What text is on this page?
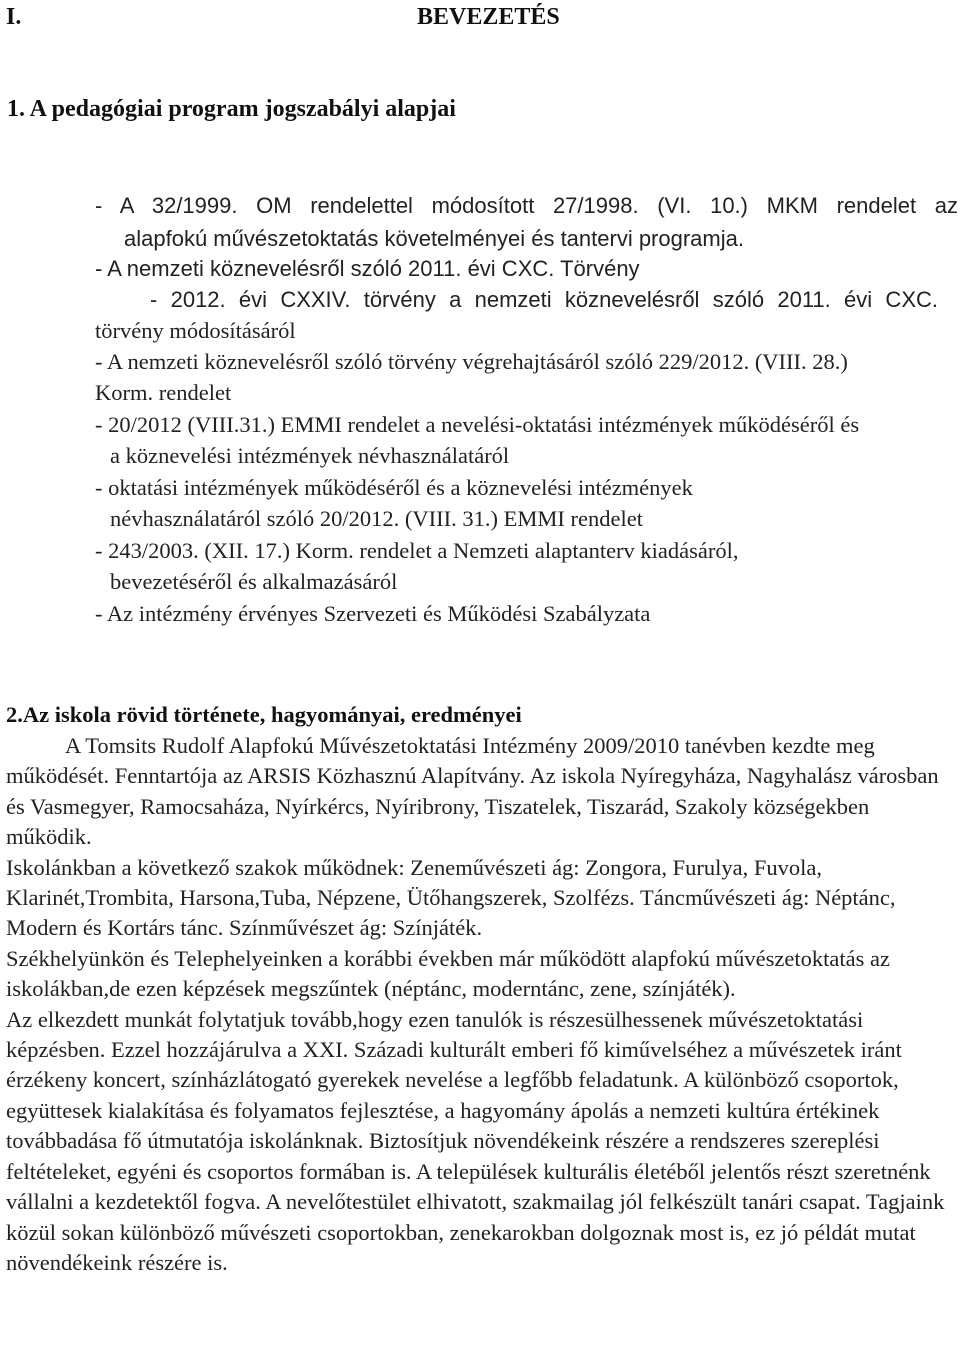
I.	BEVEZETÉS
1. A pedagógiai program jogszabályi alapjai
- A 32/1999. OM rendelettel módosított 27/1998. (VI. 10.) MKM rendelet az
alapfokú művészetoktatás követelményei és tantervi programja.
- A nemzeti köznevelésről szóló 2011. évi CXC. Törvény
- 2012. évi CXXIV. törvény a nemzeti köznevelésről szóló 2011. évi CXC.
törvény módosításáról
- A nemzeti köznevelésről szóló törvény végrehajtásáról szóló 229/2012. (VIII. 28.)
Korm. rendelet
- 20/2012 (VIII.31.) EMMI rendelet a nevelési-oktatási intézmények működéséről és
a köznevelési intézmények névhasználatáról
- oktatási intézmények működéséről és a köznevelési intézmények
névhasználatáról szóló 20/2012. (VIII. 31.) EMMI rendelet
- 243/2003. (XII. 17.) Korm. rendelet a Nemzeti alaptanterv kiadásáról,
bevezetéséről és alkalmazásáról
- Az intézmény érvényes Szervezeti és Működési Szabályzata
2.Az iskola rövid története, hagyományai, eredményei

A Tomsits Rudolf Alapfokú Művészetoktatási Intézmény 2009/2010 tanévben kezdte meg működését. Fenntartója az ARSIS Közhasznú Alapítvány. Az iskola Nyíregyháza, Nagyhalász városban és Vasmegyer, Ramocsaháza, Nyírkércs, Nyíribrony, Tiszatelek, Tiszarád, Szakoly községekben működik.

Iskolánkban a következő szakok működnek: Zeneművészeti ág: Zongora, Furulya, Fuvola, Klarinét,Trombita, Harsona,Tuba, Népzene, Ütőhangszerek, Szolfézs. Táncművészeti ág: Néptánc, Modern és Kortárs tánc. Színművészet ág: Színjáték.

Székhelyünkön és Telephelyeinken a korábbi években már működött alapfokú művészetoktatás az iskolákban,de ezen képzések megszűntek (néptánc, moderntánc, zene, színjáték).

Az elkezdett munkát folytatjuk tovább,hogy ezen tanulók is részesülhessenek művészetoktatási képzésben. Ezzel hozzájárulva a XXI. Századi kulturált emberi fő kiművelséhez a művészetek iránt érzékeny koncert, színházlátogató gyerekek nevelése a legfőbb feladatunk. A különböző csoportok, együttesek kialakítása és folyamatos fejlesztése, a hagyomány ápolás a nemzeti kultúra értékinek továbbadása fő útmutatója iskolánknak. Biztosítjuk növendékeink részére a rendszeres szereplési feltételeket, egyéni és csoportos formában is. A települések kulturális életéből jelentős részt szeretnénk vállalni a kezdetektől fogva. A nevelőtestület elhivatott, szakmailag jól felkészült tanári csapat. Tagjaink közül sokan különböző művészeti csoportokban, zenekarokban dolgoznak most is, ez jó példát mutat növendékeink részére is.
